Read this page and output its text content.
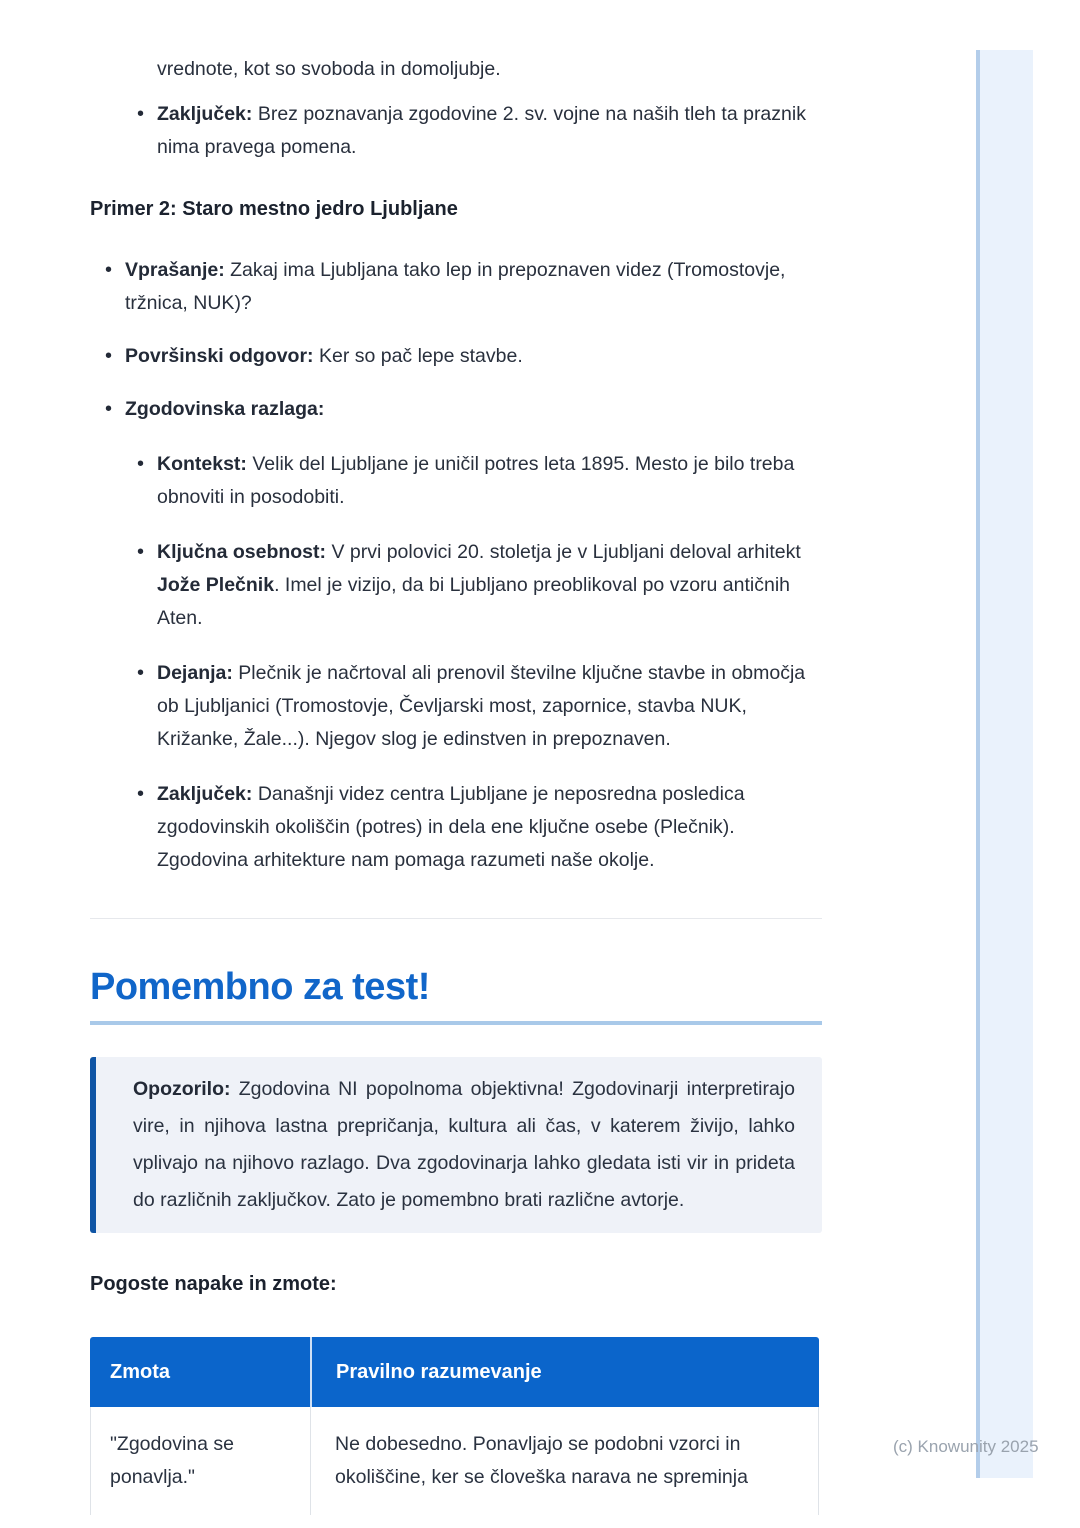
(c) Knowunity 2025
vrednote, kot so svoboda in domoljubje.
• Zaključek: Brez poznavanja zgodovine 2. sv. vojne na naših tleh ta praznik nima pravega pomena.
Primer 2: Staro mestno jedro Ljubljane
• Vprašanje: Zakaj ima Ljubljana tako lep in prepoznaven videz (Tromostovje, tržnica, NUK)?
• Površinski odgovor: Ker so pač lepe stavbe.
• Zgodovinska razlaga:
• Kontekst: Velik del Ljubljane je uničil potres leta 1895. Mesto je bilo treba obnoviti in posodobiti.
• Ključna osebnost: V prvi polovici 20. stoletja je v Ljubljani deloval arhitekt Jože Plečnik. Imel je vizijo, da bi Ljubljano preoblikoval po vzoru antičnih Aten.
• Dejanja: Plečnik je načrtoval ali prenovil številne ključne stavbe in območja ob Ljubljanici (Tromostovje, Čevljarski most, zapornice, stavba NUK, Križanke, Žale...). Njegov slog je edinstven in prepoznaven.
• Zaključek: Današnji videz centra Ljubljane je neposredna posledica zgodovinskih okoliščin (potres) in dela ene ključne osebe (Plečnik). Zgodovina arhitekture nam pomaga razumeti naše okolje.
Pomembno za test!

Opozorilo: Zgodovina NI popolnoma objektivna! Zgodovinarji interpretirajo vire, in njihova lastna prepričanja, kultura ali čas, v katerem živijo, lahko vplivajo na njihovo razlago. Dva zgodovinarja lahko gledata isti vir in prideta do različnih zaključkov. Zato je pomembno brati različne avtorje.

Pogoste napake in zmote:
Zmota	Pravilno razumevanje
"Zgodovina se ponavlja."	Ne dobesedno. Ponavljajo se podobni vzorci in okoliščine, ker se človeška narava ne spreminja
